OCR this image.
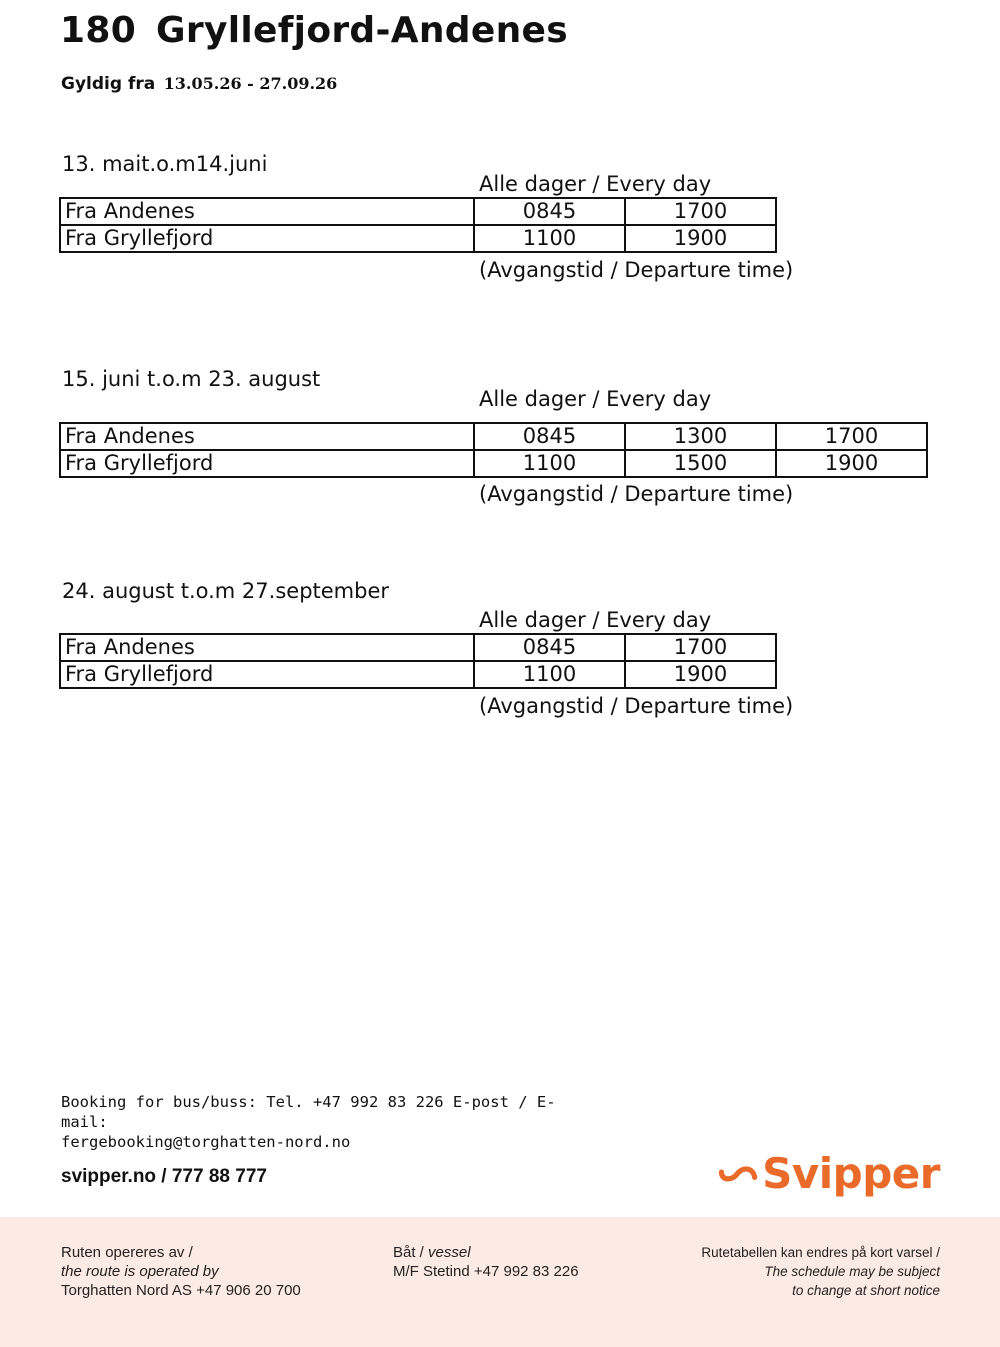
180 Gryllefjord-Andenes
Gyldig fra 13.05.26 - 27.09.26
13. mait.o.m14.juni
Alle dager / Every day
Fra Andenes	0845	1700
Fra Gryllefjord	1100	1900
(Avgangstid / Departure time)
15. juni t.o.m 23. august
Alle dager / Every day
Fra Andenes	0845	1300	1700
Fra Gryllefjord	1100	1500	1900
(Avgangstid / Departure time)
24. august t.o.m 27.september
Alle dager / Every day
Fra Andenes	0845	1700
Fra Gryllefjord	1100	1900
(Avgangstid / Departure time)
Booking for bus/buss: Tel. +47 992 83 226 E-post / E-mail:
fergebooking@torghatten-nord.no
svipper.no / 777 88 777	Svipper
Ruten opereres av /
the route is operated by
Torghatten Nord AS +47 906 20 700
Båt / vessel
M/F Stetind +47 992 83 226
Rutetabellen kan endres på kort varsel /
The schedule may be subject
to change at short notice
